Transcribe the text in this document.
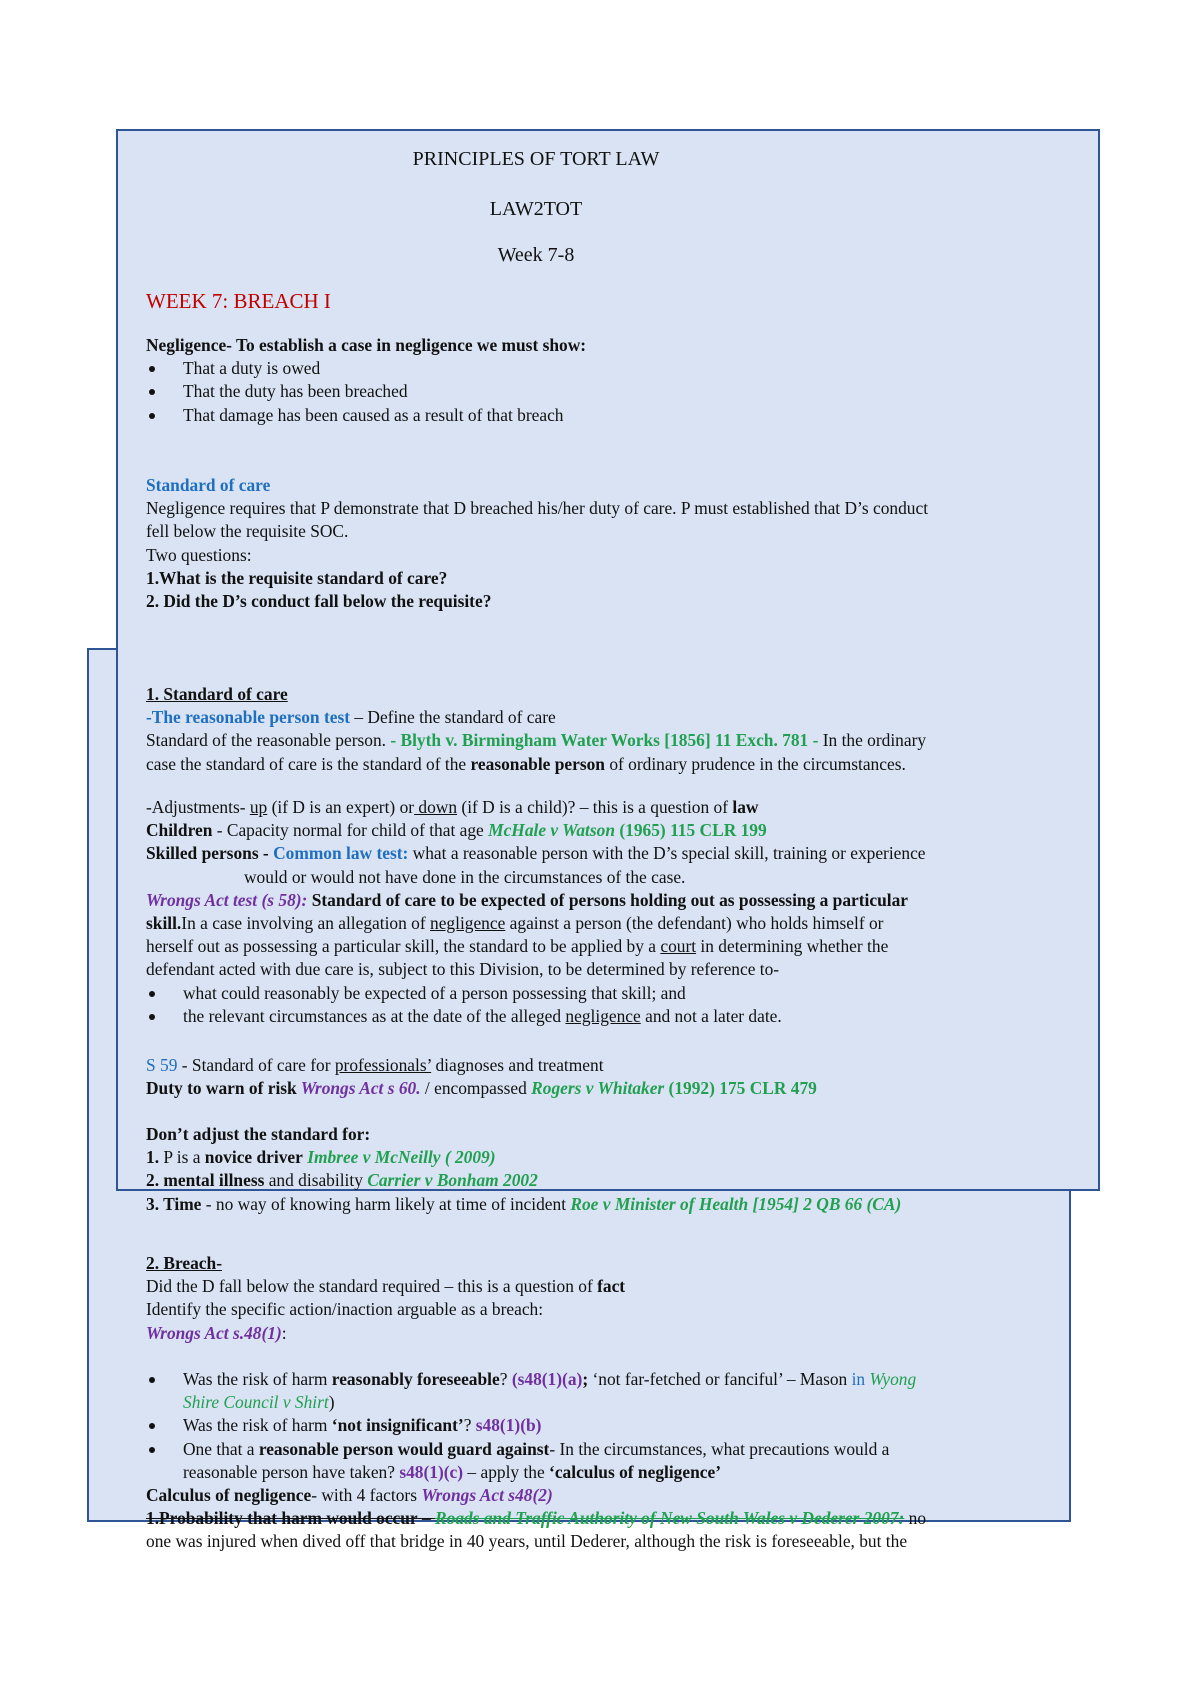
PRINCIPLES OF TORT LAW

LAW2TOT

Week 7-8

WEEK 7: BREACH I

Negligence- To establish a case in negligence we must show:

That a duty is owed

That the duty has been breached

That damage has been caused as a result of that breach

Standard of care

Negligence requires that P demonstrate that D breached his/her duty of care. P must established that D’s conduct

fell below the requisite SOC.

Two questions:

1.What is the requisite standard of care?

2. Did the D’s conduct fall below the requisite?

1. Standard of care

-The reasonable person test – Define the standard of care

Standard of the reasonable person. - Blyth v. Birmingham Water Works [1856] 11 Exch. 781 - In the ordinary

case the standard of care is the standard of the reasonable person of ordinary prudence in the circumstances.

-Adjustments- up (if D is an expert) or down (if D is a child)? – this is a question of law

Children - Capacity normal for child of that age McHale v Watson (1965) 115 CLR 199

Skilled persons - Common law test: what a reasonable person with the D’s special skill, training or experience

would or would not have done in the circumstances of the case.

Wrongs Act test (s 58): Standard of care to be expected of persons holding out as possessing a particular

skill.In a case involving an allegation of negligence against a person (the defendant) who holds himself or

herself out as possessing a particular skill, the standard to be applied by a court in determining whether the

defendant acted with due care is, subject to this Division, to be determined by reference to-

what could reasonably be expected of a person possessing that skill; and

the relevant circumstances as at the date of the alleged negligence and not a later date.

S 59 - Standard of care for professionals’ diagnoses and treatment

Duty to warn of risk Wrongs Act s 60. / encompassed Rogers v Whitaker (1992) 175 CLR 479

Don’t adjust the standard for:

1. P is a novice driver Imbree v McNeilly ( 2009)

2. mental illness and disability Carrier v Bonham 2002

3. Time - no way of knowing harm likely at time of incident Roe v Minister of Health [1954] 2 QB 66 (CA)

2. Breach-

Did the D fall below the standard required – this is a question of fact

Identify the specific action/inaction arguable as a breach:

Wrongs Act s.48(1):

Was the risk of harm reasonably foreseeable? (s48(1)(a); ‘not far-fetched or fanciful’ – Mason in Wyong

Shire Council v Shirt)

Was the risk of harm ‘not insignificant’? s48(1)(b)

One that a reasonable person would guard against- In the circumstances, what precautions would a

reasonable person have taken? s48(1)(c) – apply the ‘calculus of negligence’

Calculus of negligence- with 4 factors Wrongs Act s48(2)

1.Probability that harm would occur – Roads and Traffic Authority of New South Wales v Dederer 2007: no

one was injured when dived off that bridge in 40 years, until Dederer, although the risk is foreseeable, but the
